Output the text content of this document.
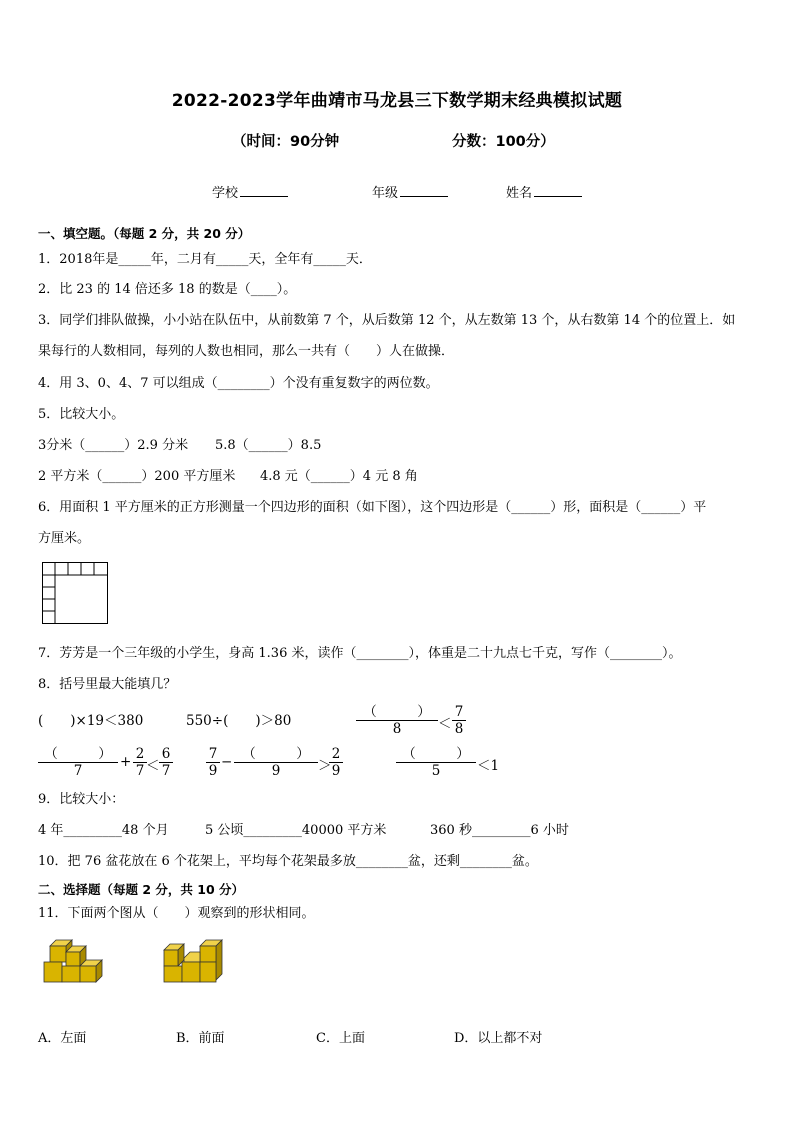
2022-2023学年曲靖市马龙县三下数学期末经典模拟试题
（时间：90分钟	分数：100分）
学校	年级	姓名
一、填空题。（每题 2 分，共 20 分）
1．2018年是_____年，二月有_____天，全年有_____天．
2．比 23 的 14 倍还多 18 的数是（____）。
3．同学们排队做操，小小站在队伍中，从前数第 7 个，从后数第 12 个，从左数第 13 个，从右数第 14 个的位置上．如
果每行的人数相同，每列的人数也相同，那么一共有（　　）人在做操．
4．用 3、0、4、7 可以组成（________）个没有重复数字的两位数。
5．比较大小。
3分米（______）2.9 分米 5.8（______）8.5
2 平方米（______）200 平方厘米 4.8 元（______）4 元 8 角
6．用面积 1 平方厘米的正方形测量一个四边形的面积（如下图），这个四边形是（______）形，面积是（______）平
方厘米。
7．芳芳是一个三年级的小学生，身高 1.36 米，读作（________），体重是二十九点七千克，写作（________）。
8．括号里最大能填几？
(　　)×19＜380	550÷(　　)＞80
（　　　）
8	＜
7
8
（　　　）
7
+ 2
7 ＜
6
7
7
9
− （　　　）
9	＞
2
9
（　　　）
5	＜1
9．比较大小：
4 年_________48 个月	5 公顷_________40000 平方米	360 秒_________6 小时
10．把 76 盆花放在 6 个花架上，平均每个花架最多放________盆，还剩________盆。
二、选择题（每题 2 分，共 10 分）
11．下面两个图从（　　）观察到的形状相同。
A．左面	B．前面	C．上面	D．以上都不对
